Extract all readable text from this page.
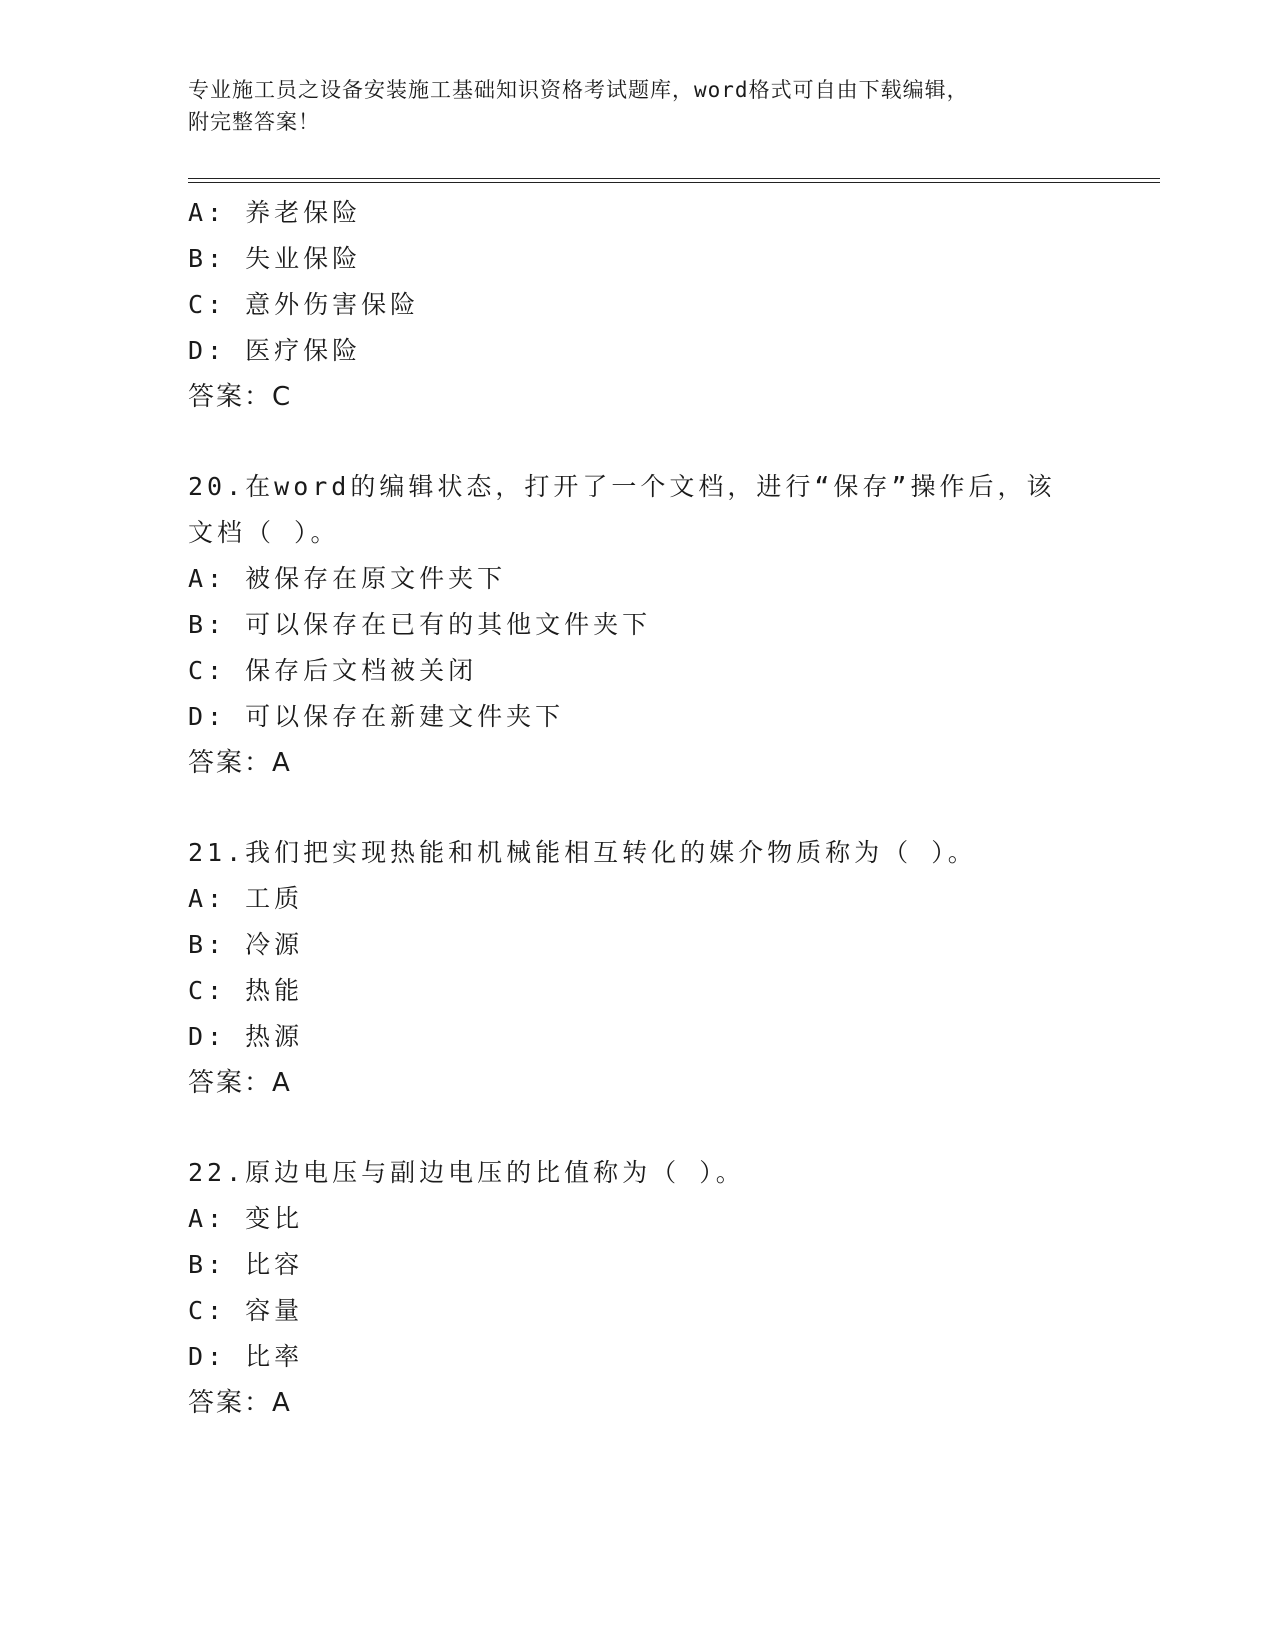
专业施工员之设备安装施工基础知识资格考试题库，word格式可自由下载编辑，
附完整答案！
A: 养老保险
B: 失业保险
C: 意外伤害保险
D: 医疗保险
答案：C
20.在word的编辑状态，打开了一个文档，进行“保存”操作后，该
文档（ ）。
A: 被保存在原文件夹下
B: 可以保存在已有的其他文件夹下
C: 保存后文档被关闭
D: 可以保存在新建文件夹下
答案：A
21.我们把实现热能和机械能相互转化的媒介物质称为（ ）。
A: 工质
B: 冷源
C: 热能
D: 热源
答案：A
22.原边电压与副边电压的比值称为（ ）。
A: 变比
B: 比容
C: 容量
D: 比率
答案：A
